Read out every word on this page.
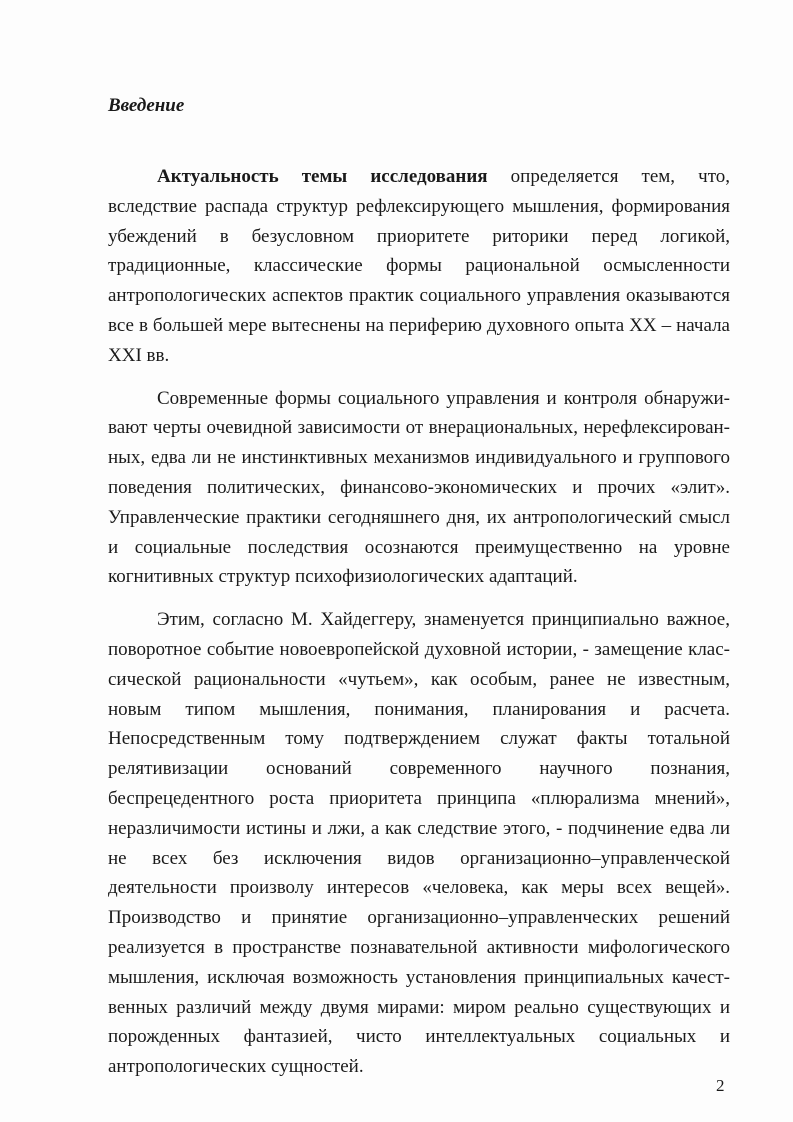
Введение

Актуальность темы исследования определяется тем, что, вследствие распада структур рефлексирующего мышления, формирования убеждений в безусловном приоритете риторики перед логикой, традиционные, классические формы рациональной осмысленности антропологических аспектов практик социального управления оказываются все в большей мере вытеснены на периферию духовного опыта XX – начала XXI вв.

Современные формы социального управления и контроля обнаруживают черты очевидной зависимости от внерациональных, нерефлексированных, едва ли не инстинктивных механизмов индивидуального и группового поведения политических, финансово-экономических и прочих «элит». Управленческие практики сегодняшнего дня, их антропологический смысл и социальные последствия осознаются преимущественно на уровне когнитивных структур психофизиологических адаптаций.

Этим, согласно М. Хайдеггеру, знаменуется принципиально важное, поворотное событие новоевропейской духовной истории, - замещение классической рациональности «чутьем», как особым, ранее не известным, новым типом мышления, понимания, планирования и расчета. Непосредственным тому подтверждением служат факты тотальной релятивизации оснований современного научного познания, беспрецедентного роста приоритета принципа «плюрализма мнений», неразличимости истины и лжи, а как следствие этого, - подчинение едва ли не всех без исключения видов организационно–управленческой деятельности произволу интересов «человека, как меры всех вещей». Производство и принятие организационно–управленческих решений реализуется в пространстве познавательной активности мифологического мышления, исключая возможность установления принципиальных качественных различий между двумя мирами: миром реально существующих и порожденных фантазией, чисто интеллектуальных социальных и антропологических сущностей.

2
